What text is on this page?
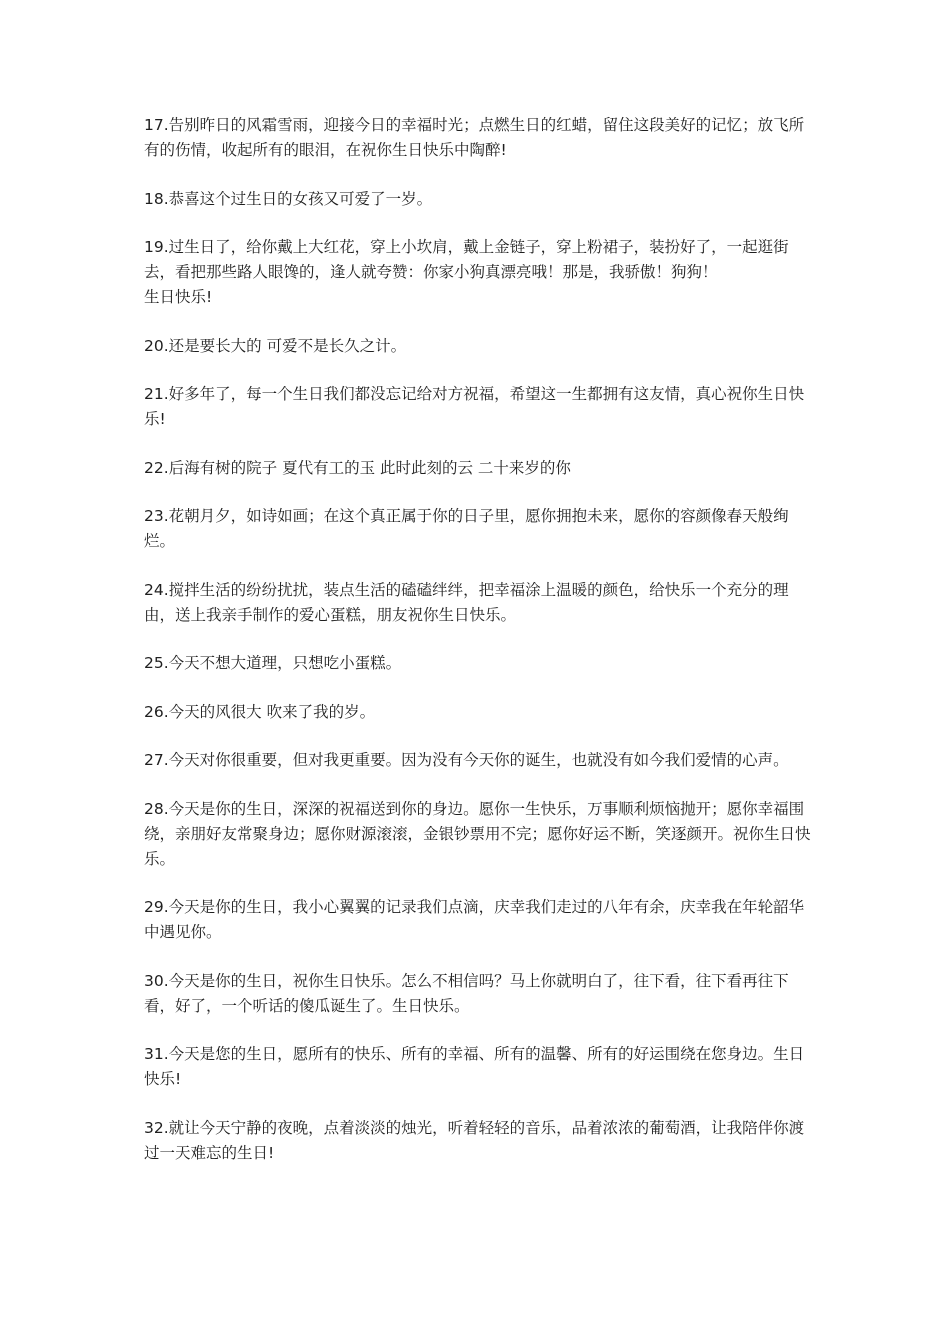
17.告别昨日的风霜雪雨，迎接今日的幸福时光；点燃生日的红蜡，留住这段美好的记忆；放飞所有的伤情，收起所有的眼泪，在祝你生日快乐中陶醉!

18.恭喜这个过生日的女孩又可爱了一岁。

19.过生日了，给你戴上大红花，穿上小坎肩，戴上金链子，穿上粉裙子，装扮好了，一起逛街去，看把那些路人眼馋的，逢人就夸赞：你家小狗真漂亮哦！那是，我骄傲！狗狗！
生日快乐!

20.还是要长大的 可爱不是长久之计。

21.好多年了，每一个生日我们都没忘记给对方祝福，希望这一生都拥有这友情，真心祝你生日快乐!

22.后海有树的院子 夏代有工的玉 此时此刻的云 二十来岁的你

23.花朝月夕，如诗如画；在这个真正属于你的日子里，愿你拥抱未来，愿你的容颜像春天般绚烂。

24.搅拌生活的纷纷扰扰，装点生活的磕磕绊绊，把幸福涂上温暖的颜色，给快乐一个充分的理由，送上我亲手制作的爱心蛋糕，朋友祝你生日快乐。

25.今天不想大道理，只想吃小蛋糕。

26.今天的风很大 吹来了我的岁。

27.今天对你很重要，但对我更重要。因为没有今天你的诞生，也就没有如今我们爱情的心声。

28.今天是你的生日，深深的祝福送到你的身边。愿你一生快乐，万事顺利烦恼抛开；愿你幸福围绕，亲朋好友常聚身边；愿你财源滚滚，金银钞票用不完；愿你好运不断，笑逐颜开。祝你生日快乐。

29.今天是你的生日，我小心翼翼的记录我们点滴，庆幸我们走过的八年有余，庆幸我在年轮韶华中遇见你。

30.今天是你的生日，祝你生日快乐。怎么不相信吗？马上你就明白了，往下看，往下看再往下看，好了，一个听话的傻瓜诞生了。生日快乐。

31.今天是您的生日，愿所有的快乐、所有的幸福、所有的温馨、所有的好运围绕在您身边。生日快乐!

32.就让今天宁静的夜晚，点着淡淡的烛光，听着轻轻的音乐，品着浓浓的葡萄酒，让我陪伴你渡过一天难忘的生日!
